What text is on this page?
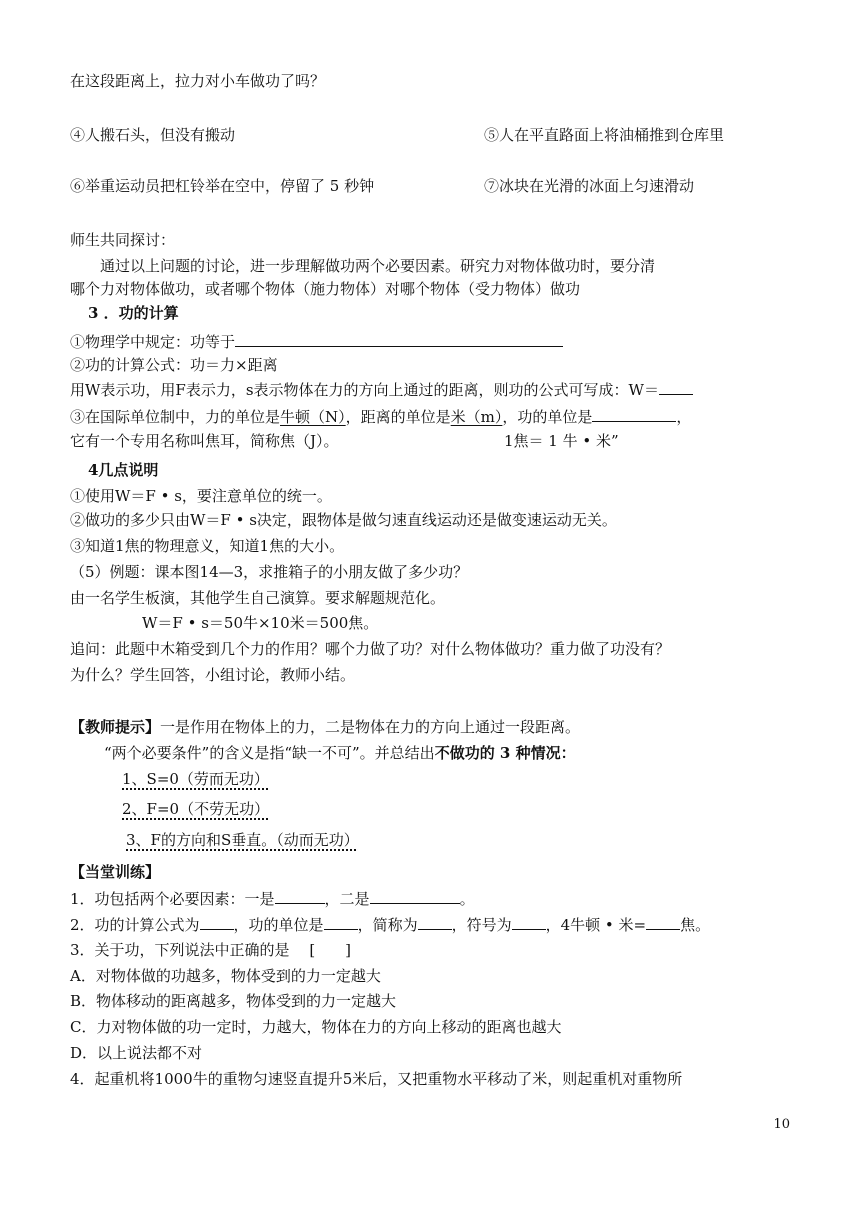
在这段距离上，拉力对小车做功了吗？
④人搬石头，但没有搬动	⑤人在平直路面上将油桶推到仓库里
⑥举重运动员把杠铃举在空中，停留了 5 秒钟	⑦冰块在光滑的冰面上匀速滑动
师生共同探讨：
通过以上问题的讨论，进一步理解做功两个必要因素。研究力对物体做功时，要分清
哪个力对物体做功，或者哪个物体（施力物体）对哪个物体（受力物体）做功
3 ．功的计算
①物理学中规定：功等于
②功的计算公式：功＝力×距离
用W表示功，用F表示力，s表示物体在力的方向上通过的距离，则功的公式可写成：W＝
③在国际单位制中，力的单位是牛顿（N），距离的单位是米（m），功的单位是	，
它有一个专用名称叫焦耳，简称焦（J）。	1焦＝ 1 牛 • 米”
4几点说明
①使用W＝F • s，要注意单位的统一。
②做功的多少只由W＝F • s决定，跟物体是做匀速直线运动还是做变速运动无关。
③知道1焦的物理意义，知道1焦的大小。
（5）例题：课本图14—3，求推箱子的小朋友做了多少功？
由一名学生板演，其他学生自己演算。要求解题规范化。
W＝F • s＝50牛×10米＝500焦。
追问：此题中木箱受到几个力的作用？哪个力做了功？对什么物体做功？重力做了功没有？
为什么？学生回答，小组讨论，教师小结。
【教师提示】一是作用在物体上的力，二是物体在力的方向上通过一段距离。
“两个必要条件”的含义是指“缺一不可”。并总结出不做功的 3 种情况：
1、S=0（劳而无功）
2、F=0（不劳无功）
3、F的方向和S垂直。（动而无功）
【当堂训练】
1．功包括两个必要因素：一是	，二是	。
2．功的计算公式为 ，功的单位是 ，简称为 ，符号为 ，4牛顿 • 米= 焦。
3．关于功，下列说法中正确的是　 [　　]
A．对物体做的功越多，物体受到的力一定越大
B．物体移动的距离越多，物体受到的力一定越大
C．力对物体做的功一定时，力越大，物体在力的方向上移动的距离也越大
D．以上说法都不对
4．起重机将1000牛的重物匀速竖直提升5米后，又把重物水平移动了米，则起重机对重物所
10
